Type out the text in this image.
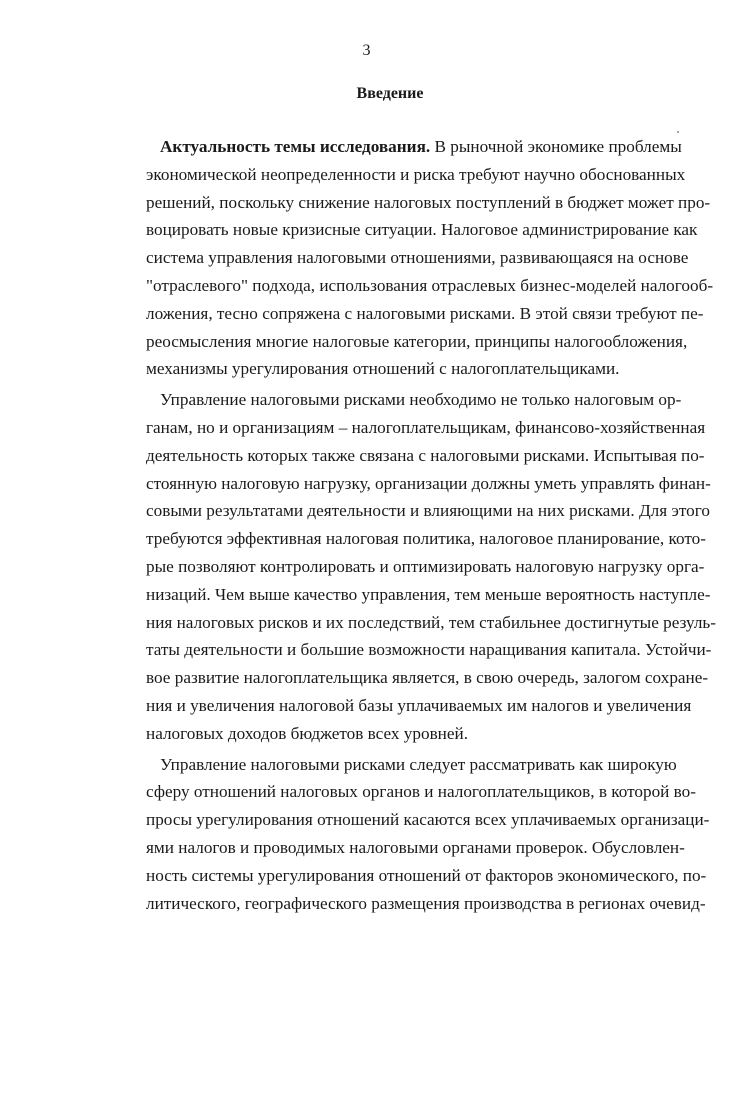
3
Введение
Актуальность темы исследования. В рыночной экономике проблемы
экономической неопределенности и риска требуют научно обоснованных
решений, поскольку снижение налоговых поступлений в бюджет может про-
воцировать новые кризисные ситуации. Налоговое администрирование как
система управления налоговыми отношениями, развивающаяся на основе
"отраслевого" подхода, использования отраслевых бизнес-моделей налогооб-
ложения, тесно сопряжена с налоговыми рисками. В этой связи требуют пе-
реосмысления многие налоговые категории, принципы налогообложения,
механизмы урегулирования отношений с налогоплательщиками.
Управление налоговыми рисками необходимо не только налоговым ор-
ганам, но и организациям – налогоплательщикам, финансово-хозяйственная
деятельность которых также связана с налоговыми рисками. Испытывая по-
стоянную налоговую нагрузку, организации должны уметь управлять финан-
совыми результатами деятельности и влияющими на них рисками. Для этого
требуются эффективная налоговая политика, налоговое планирование, кото-
рые позволяют контролировать и оптимизировать налоговую нагрузку орга-
низаций. Чем выше качество управления, тем меньше вероятность наступле-
ния налоговых рисков и их последствий, тем стабильнее достигнутые резуль-
таты деятельности и большие возможности наращивания капитала. Устойчи-
вое развитие налогоплательщика является, в свою очередь, залогом сохране-
ния и увеличения налоговой базы уплачиваемых им налогов и увеличения
налоговых доходов бюджетов всех уровней.
Управление налоговыми рисками следует рассматривать как широкую
сферу отношений налоговых органов и налогоплательщиков, в которой во-
просы урегулирования отношений касаются всех уплачиваемых организаци-
ями налогов и проводимых налоговыми органами проверок. Обусловлен-
ность системы урегулирования отношений от факторов экономического, по-
литического, географического размещения производства в регионах очевид-
